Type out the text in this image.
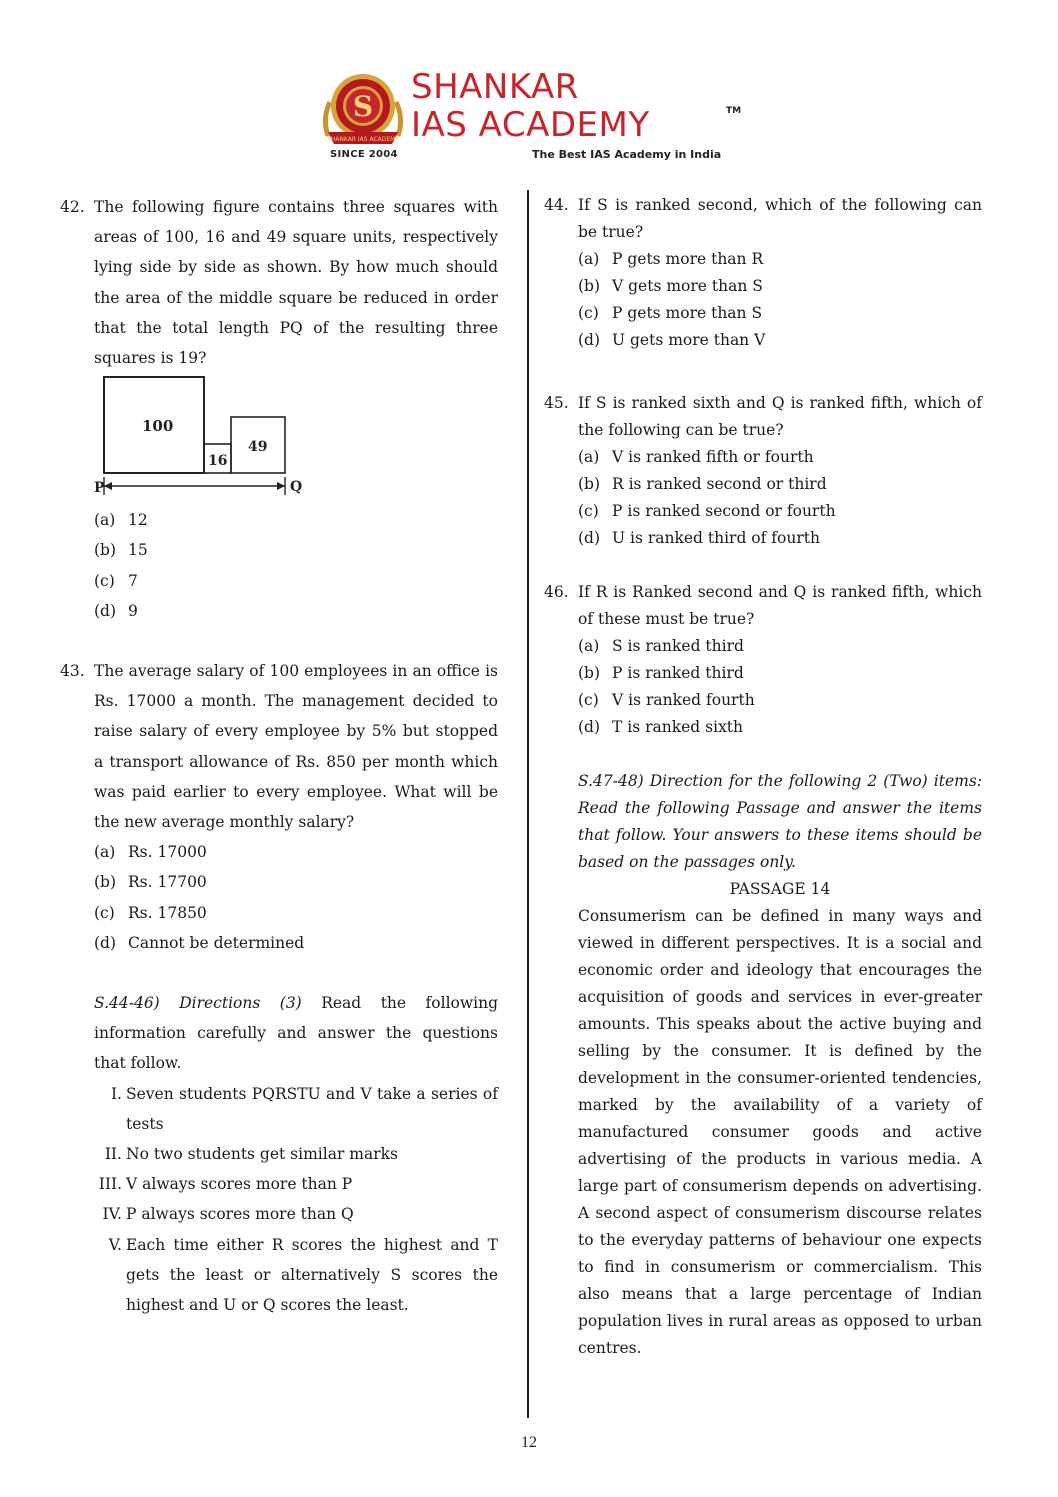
S
SHANKAR IAS ACADEMY
SINCE 2004
SHANKAR
IAS ACADEMY	TM
The Best IAS Academy in India
42. The following figure contains three squares with areas of 100, 16 and 49 square units, respectively lying side by side as shown. By how much should the area of the middle square be reduced in order that the total length PQ of the resulting three squares is 19?
100
16
49
P	Q
(a) 12
(b) 15
(c) 7
(d) 9
43. The average salary of 100 employees in an office is Rs. 17000 a month. The management decided to raise salary of every employee by 5% but stopped a transport allowance of Rs. 850 per month which was paid earlier to every employee. What will be the new average monthly salary?
(a) Rs. 17000
(b) Rs. 17700
(c) Rs. 17850
(d) Cannot be determined
S.44-46) Directions (3) Read the following information carefully and answer the questions that follow.
I. Seven students PQRSTU and V take a series of tests
II. No two students get similar marks
III. V always scores more than P
IV. P always scores more than Q
V. Each time either R scores the highest and T gets the least or alternatively S scores the highest and U or Q scores the least.
44. If S is ranked second, which of the following can be true?
(a) P gets more than R
(b) V gets more than S
(c) P gets more than S
(d) U gets more than V
45. If S is ranked sixth and Q is ranked fifth, which of the following can be true?
(a) V is ranked fifth or fourth
(b) R is ranked second or third
(c) P is ranked second or fourth
(d) U is ranked third of fourth
46. If R is Ranked second and Q is ranked fifth, which of these must be true?
(a) S is ranked third
(b) P is ranked third
(c) V is ranked fourth
(d) T is ranked sixth
S.47-48) Direction for the following 2 (Two) items: Read the following Passage and answer the items that follow. Your answers to these items should be based on the passages only.
PASSAGE 14
Consumerism can be defined in many ways and viewed in different perspectives. It is a social and economic order and ideology that encourages the acquisition of goods and services in ever-greater amounts. This speaks about the active buying and selling by the consumer. It is defined by the development in the consumer-oriented tendencies, marked by the availability of a variety of manufactured consumer goods and active advertising of the products in various media. A large part of consumerism depends on advertising. A second aspect of consumerism discourse relates to the everyday patterns of behaviour one expects to find in consumerism or commercialism. This also means that a large percentage of Indian population lives in rural areas as opposed to urban centres.
12
